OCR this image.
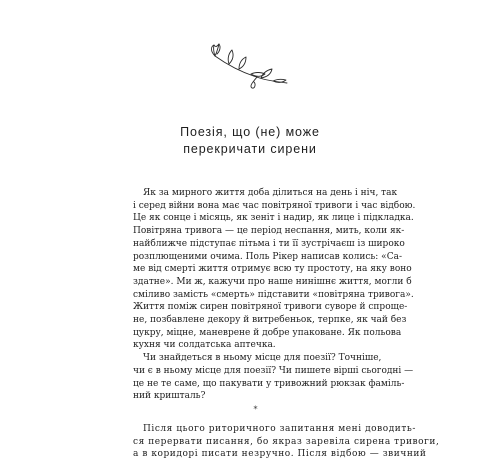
Поезія, що (не) може
перекричати сирени
Як за мирного життя доба ділиться на день і ніч, так
і серед війни вона має час повітряної тривоги і час відбою.
Це як сонце і місяць, як зеніт і надир, як лице і підкладка.
Повітряна тривога — це період неспання, мить, коли як-
найближче підступає пітьма і ти її зустрічаєш із широко
розплющеними очима. Поль Рікер написав колись: «Са-
ме від смерті життя отримує всю ту простоту, на яку воно
здатне». Ми ж, кажучи про наше нинішнє життя, могли б
сміливо замість «смерть» підставити «повітряна тривога».
Життя поміж сирен повітряної тривоги суворе й спроще-
не, позбавлене декору й витребеньок, терпке, як чай без
цукру, міцне, маневрене й добре упаковане. Як польова
кухня чи солдатська аптечка.
Чи знайдеться в ньому місце для поезії? Точніше,
чи є в ньому місце для поезії? Чи пишете вірші сьогодні —
це не те саме, що пакувати у тривожний рюкзак фаміль-
ний кришталь?
*
Після цього риторичного запитання мені доводить-
ся перервати писання, бо якраз заревіла сирена тривоги,
а в коридорі писати незручно. Після відбою — звичний
